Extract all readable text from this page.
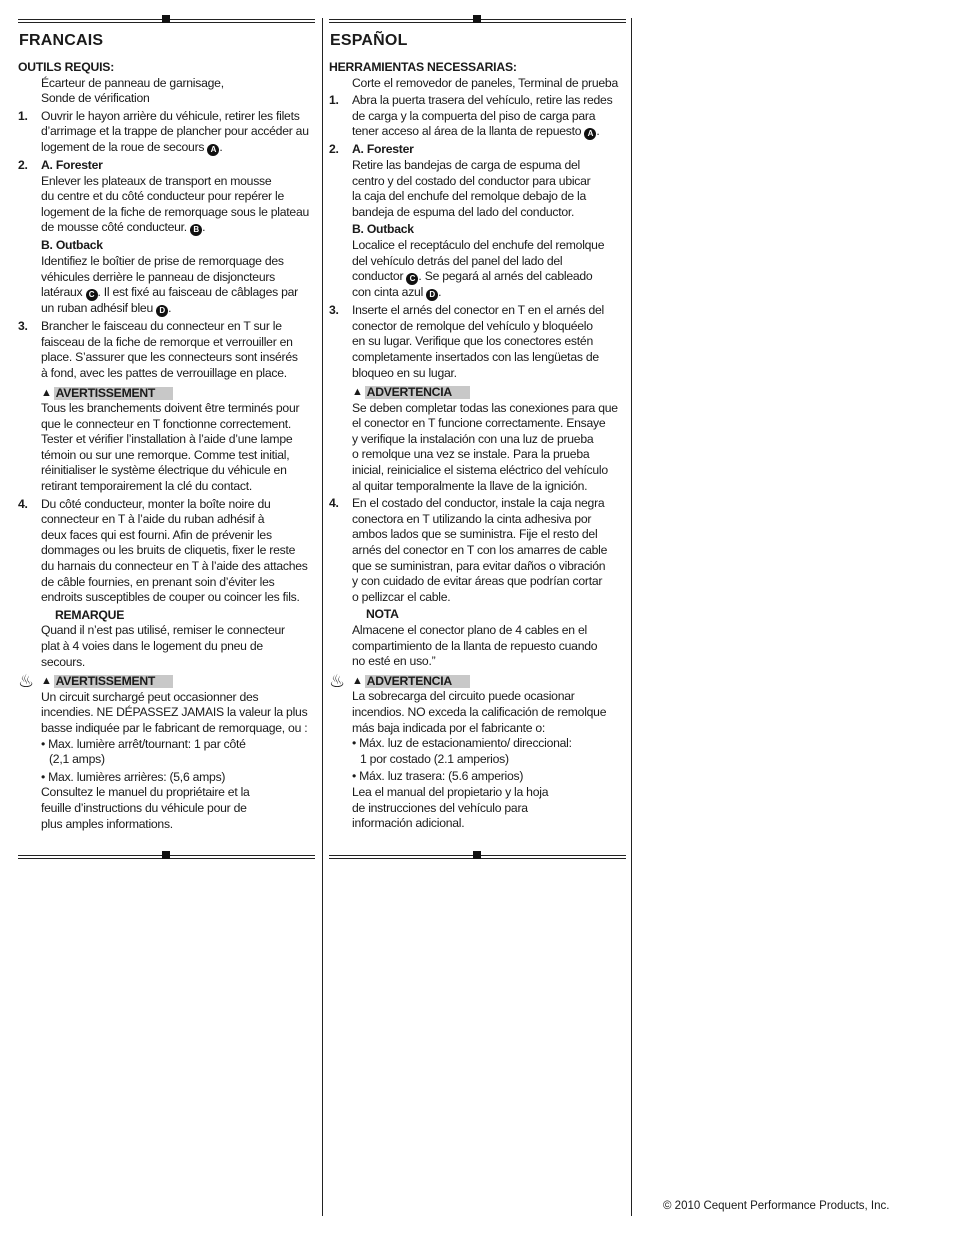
FRANCAIS
OUTILS REQUIS:
Écarteur de panneau de garnisage,
Sonde de vérification
1. Ouvrir le hayon arrière du véhicule, retirer les filets
d’arrimage et la trappe de plancher pour accéder au
logement de la roue de secours A .
2. A. Forester
Enlever les plateaux de transport en mousse
du centre et du côté conducteur pour repérer le
logement de la fiche de remorquage sous le plateau
de mousse côté conducteur. B .
B. Outback
Identifiez le boîtier de prise de remorquage des
véhicules derrière le panneau de disjoncteurs
latéraux C . Il est fixé au faisceau de câblages par
un ruban adhésif bleu D .
3. Brancher le faisceau du connecteur en T sur le
faisceau de la fiche de remorque et verrouiller en
place. S’assurer que les connecteurs sont insérés
à fond, avec les pattes de verrouillage en place.
▲ AVERTISSEMENT
Tous les branchements doivent être terminés pour
que le connecteur en T fonctionne correctement.
Tester et vérifier l’installation à l’aide d’une lampe
témoin ou sur une remorque. Comme test initial,
réinitialiser le système électrique du véhicule en
retirant temporairement la clé du contact.
4. Du côté conducteur, monter la boîte noire du
connecteur en T à l’aide du ruban adhésif à
deux faces qui est fourni. Afin de prévenir les
dommages ou les bruits de cliquetis, fixer le reste
du harnais du connecteur en T à l’aide des attaches
de câble fournies, en prenant soin d’éviter les
endroits susceptibles de couper ou coincer les fils.
REMARQUE
Quand il n’est pas utilisé, remiser le connecteur
plat à 4 voies dans le logement du pneu de
secours.
♨ ▲ AVERTISSEMENT
Un circuit surchargé peut occasionner des
incendies. NE DÉPASSEZ JAMAIS la valeur la plus
basse indiquée par le fabricant de remorquage, ou :
• Max. lumière arrêt/tournant: 1 par côté
(2,1 amps)
• Max. lumières arrières: (5,6 amps)
Consultez le manuel du propriétaire et la
feuille d’instructions du véhicule pour de
plus amples informations.
ESPAÑOL
HERRAMIENTAS NECESSARIAS:
Corte el removedor de paneles, Terminal de prueba
1. Abra la puerta trasera del vehículo, retire las redes
de carga y la compuerta del piso de carga para
tener acceso al área de la llanta de repuesto A .
2. A. Forester
Retire las bandejas de carga de espuma del
centro y del costado del conductor para ubicar
la caja del enchufe del remolque debajo de la
bandeja de espuma del lado del conductor.
B. Outback
Localice el receptáculo del enchufe del remolque
del vehículo detrás del panel del lado del
conductor C . Se pegará al arnés del cableado
con cinta azul D .
3. Inserte el arnés del conector en T en el arnés del
conector de remolque del vehículo y bloquéelo
en su lugar. Verifique que los conectores estén
completamente insertados con las lengüetas de
bloqueo en su lugar.
▲ ADVERTENCIA
Se deben completar todas las conexiones para que
el conector en T funcione correctamente. Ensaye
y verifique la instalación con una luz de prueba
o remolque una vez se instale. Para la prueba
inicial, reinicialice el sistema eléctrico del vehículo
al quitar temporalmente la llave de la ignición.
4. En el costado del conductor, instale la caja negra
conectora en T utilizando la cinta adhesiva por
ambos lados que se suministra. Fije el resto del
arnés del conector en T con los amarres de cable
que se suministran, para evitar daños o vibración
y con cuidado de evitar áreas que podrían cortar
o pellizcar el cable.
NOTA
Almacene el conector plano de 4 cables en el
compartimiento de la llanta de repuesto cuando
no esté en uso.”
♨ ▲ ADVERTENCIA
La sobrecarga del circuito puede ocasionar
incendios. NO exceda la calificación de remolque
más baja indicada por el fabricante o:
• Máx. luz de estacionamiento/ direccional:
1 por costado (2.1 amperios)
• Máx. luz trasera: (5.6 amperios)
Lea el manual del propietario y la hoja
de instrucciones del vehículo para
información adicional.
© 2010 Cequent Performance Products, Inc.
